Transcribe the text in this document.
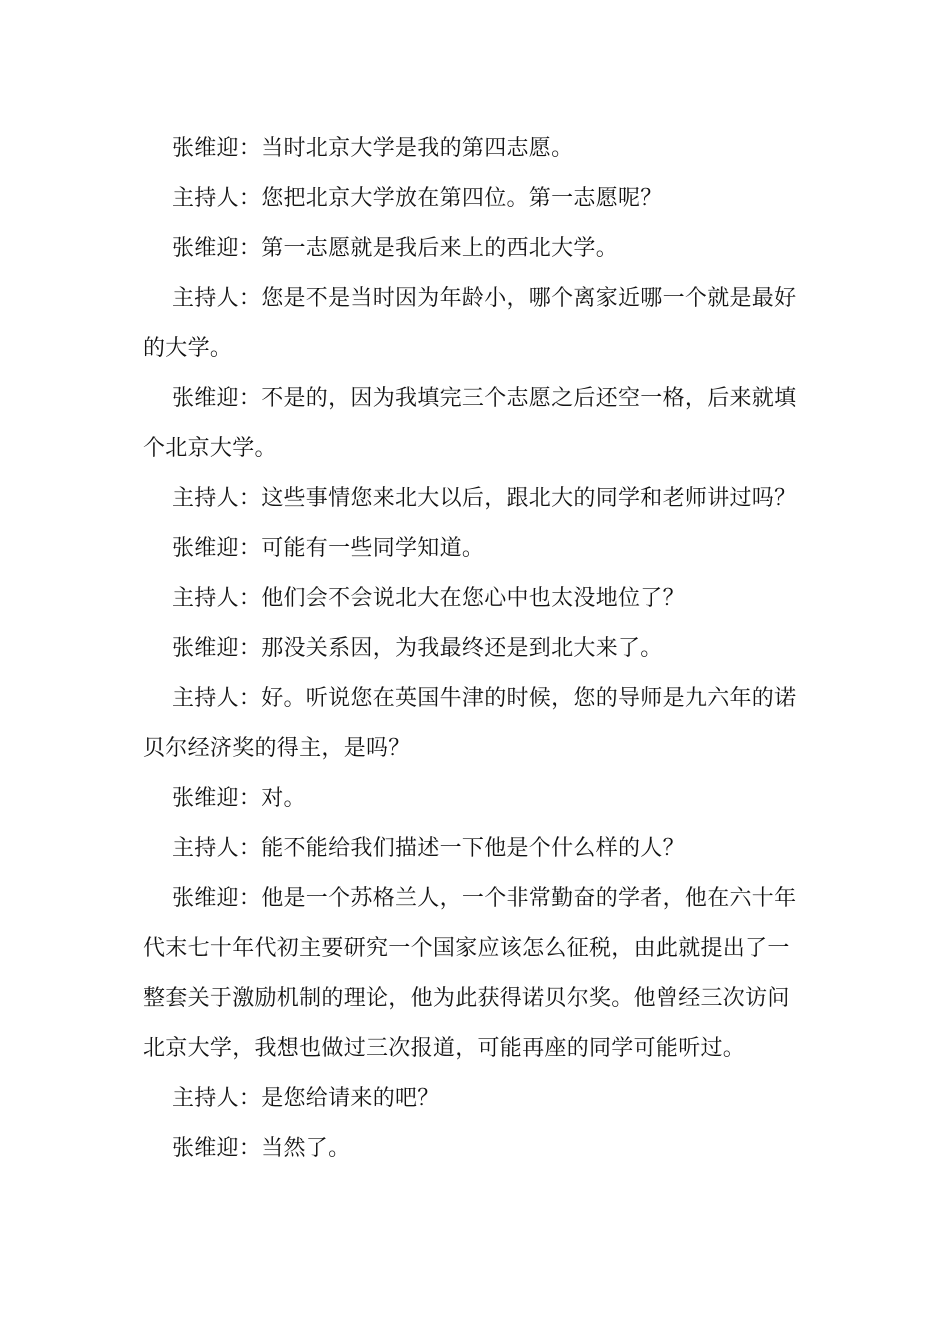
张维迎：当时北京大学是我的第四志愿。

主持人：您把北京大学放在第四位。第一志愿呢？

张维迎：第一志愿就是我后来上的西北大学。

主持人：您是不是当时因为年龄小，哪个离家近哪一个就是最好的大学。

张维迎：不是的，因为我填完三个志愿之后还空一格，后来就填个北京大学。

主持人：这些事情您来北大以后，跟北大的同学和老师讲过吗？

张维迎：可能有一些同学知道。

主持人：他们会不会说北大在您心中也太没地位了？

张维迎：那没关系因，为我最终还是到北大来了。

主持人：好。听说您在英国牛津的时候，您的导师是九六年的诺贝尔经济奖的得主，是吗？

张维迎：对。

主持人：能不能给我们描述一下他是个什么样的人？

张维迎：他是一个苏格兰人，一个非常勤奋的学者，他在六十年代末七十年代初主要研究一个国家应该怎么征税，由此就提出了一整套关于激励机制的理论，他为此获得诺贝尔奖。他曾经三次访问北京大学，我想也做过三次报道，可能再座的同学可能听过。

主持人：是您给请来的吧？

张维迎：当然了。
